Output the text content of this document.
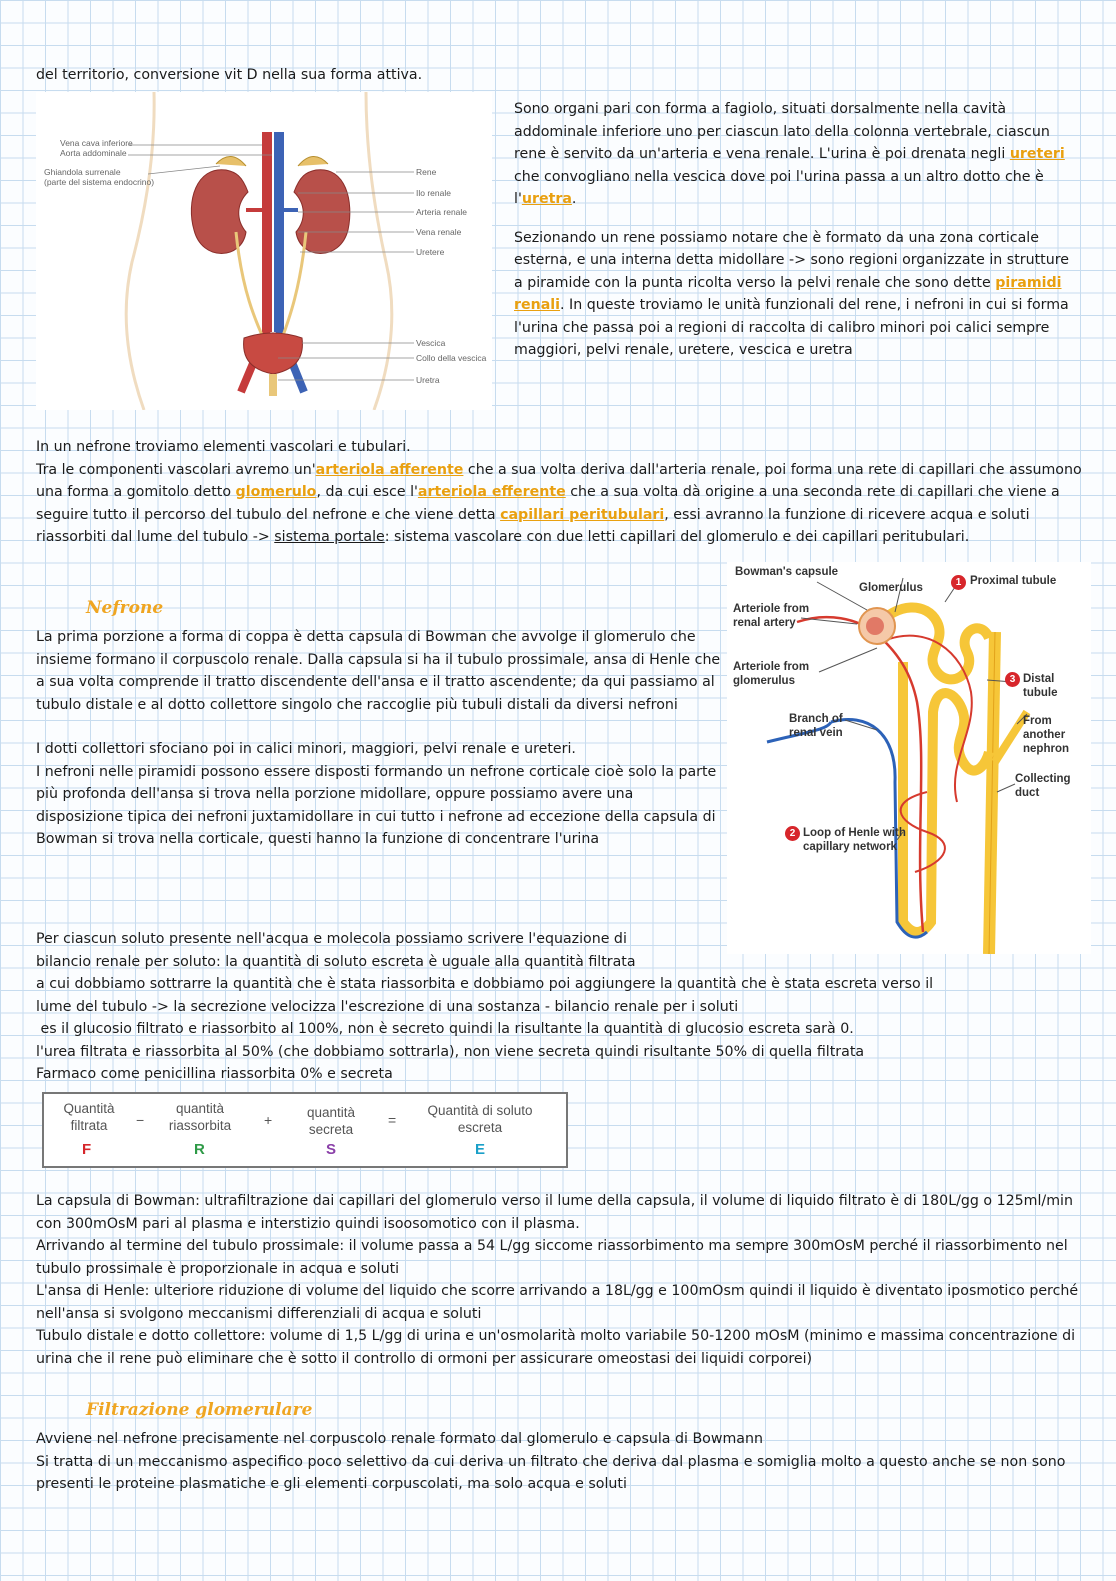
del territorio, conversione vit D nella sua forma attiva.

Vena cava inferiore
Aorta addominale
Ghiandola surrenale
(parte del sistema endocrino)
Rene
Ilo renale
Arteria renale
Vena renale
Uretere
Vescica
Collo della vescica
Uretra

Sono organi pari con forma a fagiolo, situati dorsalmente nella cavità addominale inferiore uno per ciascun lato della colonna vertebrale, ciascun rene è servito da un'arteria e vena renale. L'urina è poi drenata negli ureteri che convogliano nella vescica dove poi l'urina passa a un altro dotto che è l'uretra.

Sezionando un rene possiamo notare che è formato da una zona corticale esterna, e una interna detta midollare -> sono regioni organizzate in strutture a piramide con la punta ricolta verso la pelvi renale che sono dette piramidi renali. In queste troviamo le unità funzionali del rene, i nefroni in cui si forma l'urina che passa poi a regioni di raccolta di calibro minori poi calici sempre maggiori, pelvi renale, uretere, vescica e uretra

In un nefrone troviamo elementi vascolari e tubulari.

Tra le componenti vascolari avremo un'arteriola afferente che a sua volta deriva dall'arteria renale, poi forma una rete di capillari che assumono una forma a gomitolo detto glomerulo, da cui esce l'arteriola efferente che a sua volta dà origine a una seconda rete di capillari che viene a seguire tutto il percorso del tubulo del nefrone e che viene detta capillari peritubulari, essi avranno la funzione di ricevere acqua e soluti riassorbiti dal lume del tubulo -> sistema portale: sistema vascolare con due letti capillari del glomerulo e dei capillari peritubulari.

Bowman's capsule
Glomerulus	1 Proximal tubule
Arteriole from renal artery
Arteriole from glomerulus	3 Distal tubule
Branch of renal vein
From another nephron
Collecting duct
2 Loop of Henle with capillary network
Nefrone

La prima porzione a forma di coppa è detta capsula di Bowman che avvolge il glomerulo che insieme formano il corpuscolo renale. Dalla capsula si ha il tubulo prossimale, ansa di Henle che a sua volta comprende il tratto discendente dell'ansa e il tratto ascendente; da qui passiamo al tubulo distale e al dotto collettore singolo che raccoglie più tubuli distali da diversi nefroni

I dotti collettori sfociano poi in calici minori, maggiori, pelvi renale e ureteri.

I nefroni nelle piramidi possono essere disposti formando un nefrone corticale cioè solo la parte più profonda dell'ansa si trova nella porzione midollare, oppure possiamo avere una disposizione tipica dei nefroni juxtamidollare in cui tutto i nefrone ad eccezione della capsula di Bowman si trova nella corticale, questi hanno la funzione di concentrare l'urina

Per ciascun soluto presente nell'acqua e molecola possiamo scrivere l'equazione di

bilancio renale per soluto: la quantità di soluto escreta è uguale alla quantità filtrata

a cui dobbiamo sottrarre la quantità che è stata riassorbita e dobbiamo poi aggiungere la quantità che è stata escreta verso il

lume del tubulo -> la secrezione velocizza l'escrezione di una sostanza - bilancio renale per i soluti

es il glucosio filtrato e riassorbito al 100%, non è secreto quindi la risultante la quantità di glucosio escreta sarà 0.

l'urea filtrata e riassorbita al 50% (che dobbiamo sottrarla), non viene secreta quindi risultante 50% di quella filtrata

Farmaco come penicillina riassorbita 0% e secreta

Quantità filtrata	−
quantità riassorbita	+	quantità secreta
=
Quantità di soluto escreta
F	R	S	E

La capsula di Bowman: ultrafiltrazione dai capillari del glomerulo verso il lume della capsula, il volume di liquido filtrato è di 180L/gg o 125ml/min con 300mOsM pari al plasma e interstizio quindi isoosomotico con il plasma.

Arrivando al termine del tubulo prossimale: il volume passa a 54 L/gg siccome riassorbimento ma sempre 300mOsM perché il riassorbimento nel tubulo prossimale è proporzionale in acqua e soluti

L'ansa di Henle: ulteriore riduzione di volume del liquido che scorre arrivando a 18L/gg e 100mOsm quindi il liquido è diventato iposmotico perché nell'ansa si svolgono meccanismi differenziali di acqua e soluti

Tubulo distale e dotto collettore: volume di 1,5 L/gg di urina e un'osmolarità molto variabile 50-1200 mOsM (minimo e massima concentrazione di urina che il rene può eliminare che è sotto il controllo di ormoni per assicurare omeostasi dei liquidi corporei)

Filtrazione glomerulare

Avviene nel nefrone precisamente nel corpuscolo renale formato dal glomerulo e capsula di Bowmann

Si tratta di un meccanismo aspecifico poco selettivo da cui deriva un filtrato che deriva dal plasma e somiglia molto a questo anche se non sono presenti le proteine plasmatiche e gli elementi corpuscolati, ma solo acqua e soluti
